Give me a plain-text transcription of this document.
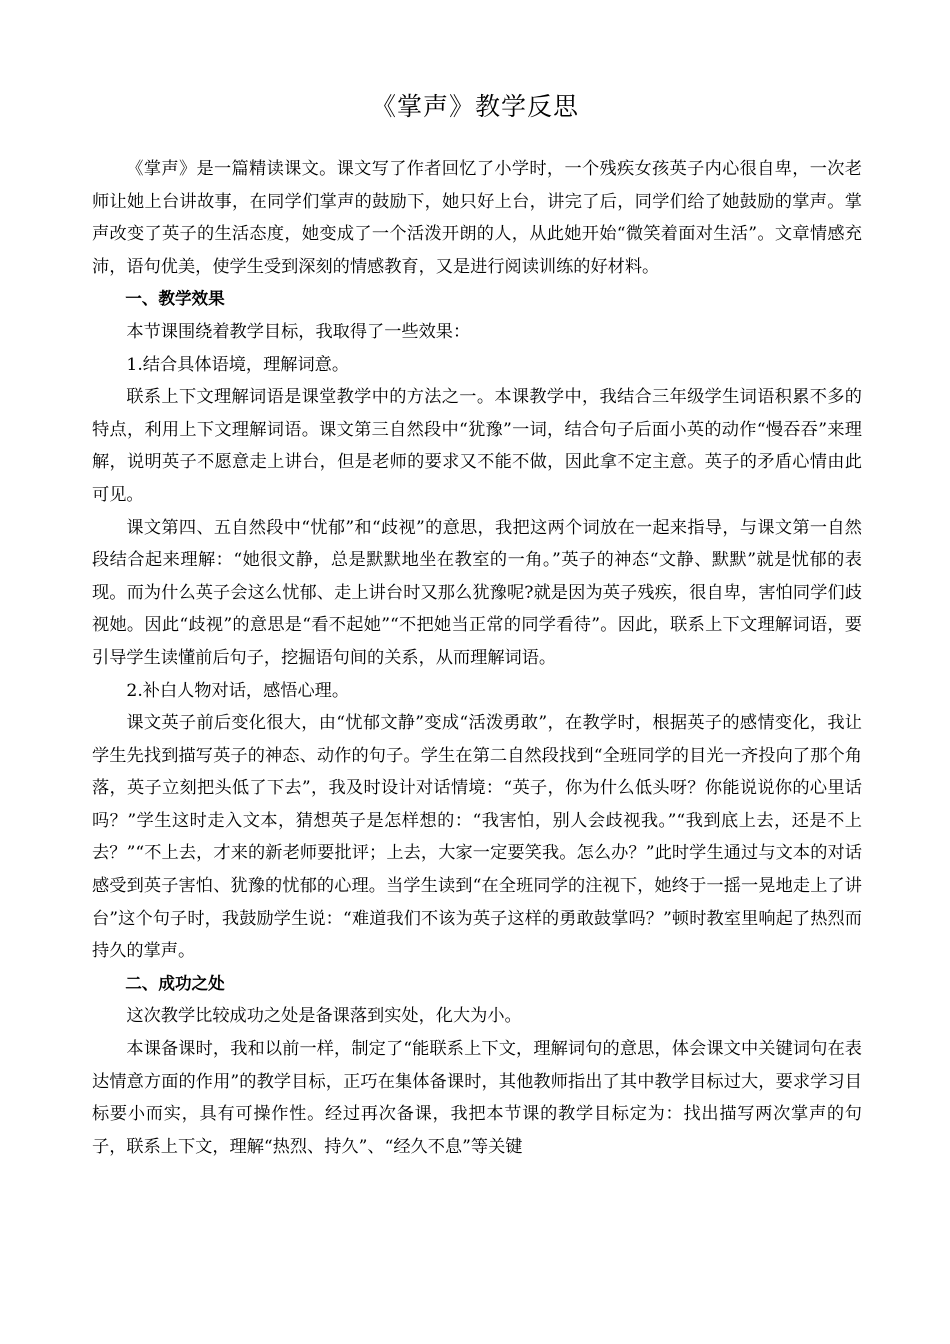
《掌声》教学反思

《掌声》是一篇精读课文。课文写了作者回忆了小学时，一个残疾女孩英子内心很自卑，一次老师让她上台讲故事，在同学们掌声的鼓励下，她只好上台，讲完了后，同学们给了她鼓励的掌声。掌声改变了英子的生活态度，她变成了一个活泼开朗的人，从此她开始“微笑着面对生活”。文章情感充沛，语句优美，使学生受到深刻的情感教育，又是进行阅读训练的好材料。

一、教学效果

本节课围绕着教学目标，我取得了一些效果：

1.结合具体语境，理解词意。

联系上下文理解词语是课堂教学中的方法之一。本课教学中，我结合三年级学生词语积累不多的特点，利用上下文理解词语。课文第三自然段中“犹豫”一词，结合句子后面小英的动作“慢吞吞”来理解，说明英子不愿意走上讲台，但是老师的要求又不能不做，因此拿不定主意。英子的矛盾心情由此可见。

课文第四、五自然段中“忧郁”和“歧视”的意思，我把这两个词放在一起来指导，与课文第一自然段结合起来理解：“她很文静，总是默默地坐在教室的一角。”英子的神态“文静、默默”就是忧郁的表现。而为什么英子会这么忧郁、走上讲台时又那么犹豫呢?就是因为英子残疾，很自卑，害怕同学们歧视她。因此“歧视”的意思是“看不起她”“不把她当正常的同学看待”。因此，联系上下文理解词语，要引导学生读懂前后句子，挖掘语句间的关系，从而理解词语。

2.补白人物对话，感悟心理。

课文英子前后变化很大，由“忧郁文静”变成“活泼勇敢”，在教学时，根据英子的感情变化，我让学生先找到描写英子的神态、动作的句子。学生在第二自然段找到“全班同学的目光一齐投向了那个角落，英子立刻把头低了下去”，我及时设计对话情境：“英子，你为什么低头呀？你能说说你的心里话吗？”学生这时走入文本，猜想英子是怎样想的：“我害怕，别人会歧视我。”“我到底上去，还是不上去？”“不上去，才来的新老师要批评；上去，大家一定要笑我。怎么办？”此时学生通过与文本的对话感受到英子害怕、犹豫的忧郁的心理。当学生读到“在全班同学的注视下，她终于一摇一晃地走上了讲台”这个句子时，我鼓励学生说：“难道我们不该为英子这样的勇敢鼓掌吗？”顿时教室里响起了热烈而持久的掌声。

二、成功之处

这次教学比较成功之处是备课落到实处，化大为小。

本课备课时，我和以前一样，制定了“能联系上下文，理解词句的意思，体会课文中关键词句在表达情意方面的作用”的教学目标，正巧在集体备课时，其他教师指出了其中教学目标过大，要求学习目标要小而实，具有可操作性。经过再次备课，我把本节课的教学目标定为：找出描写两次掌声的句子，联系上下文，理解“热烈、持久”、“经久不息”等关键
